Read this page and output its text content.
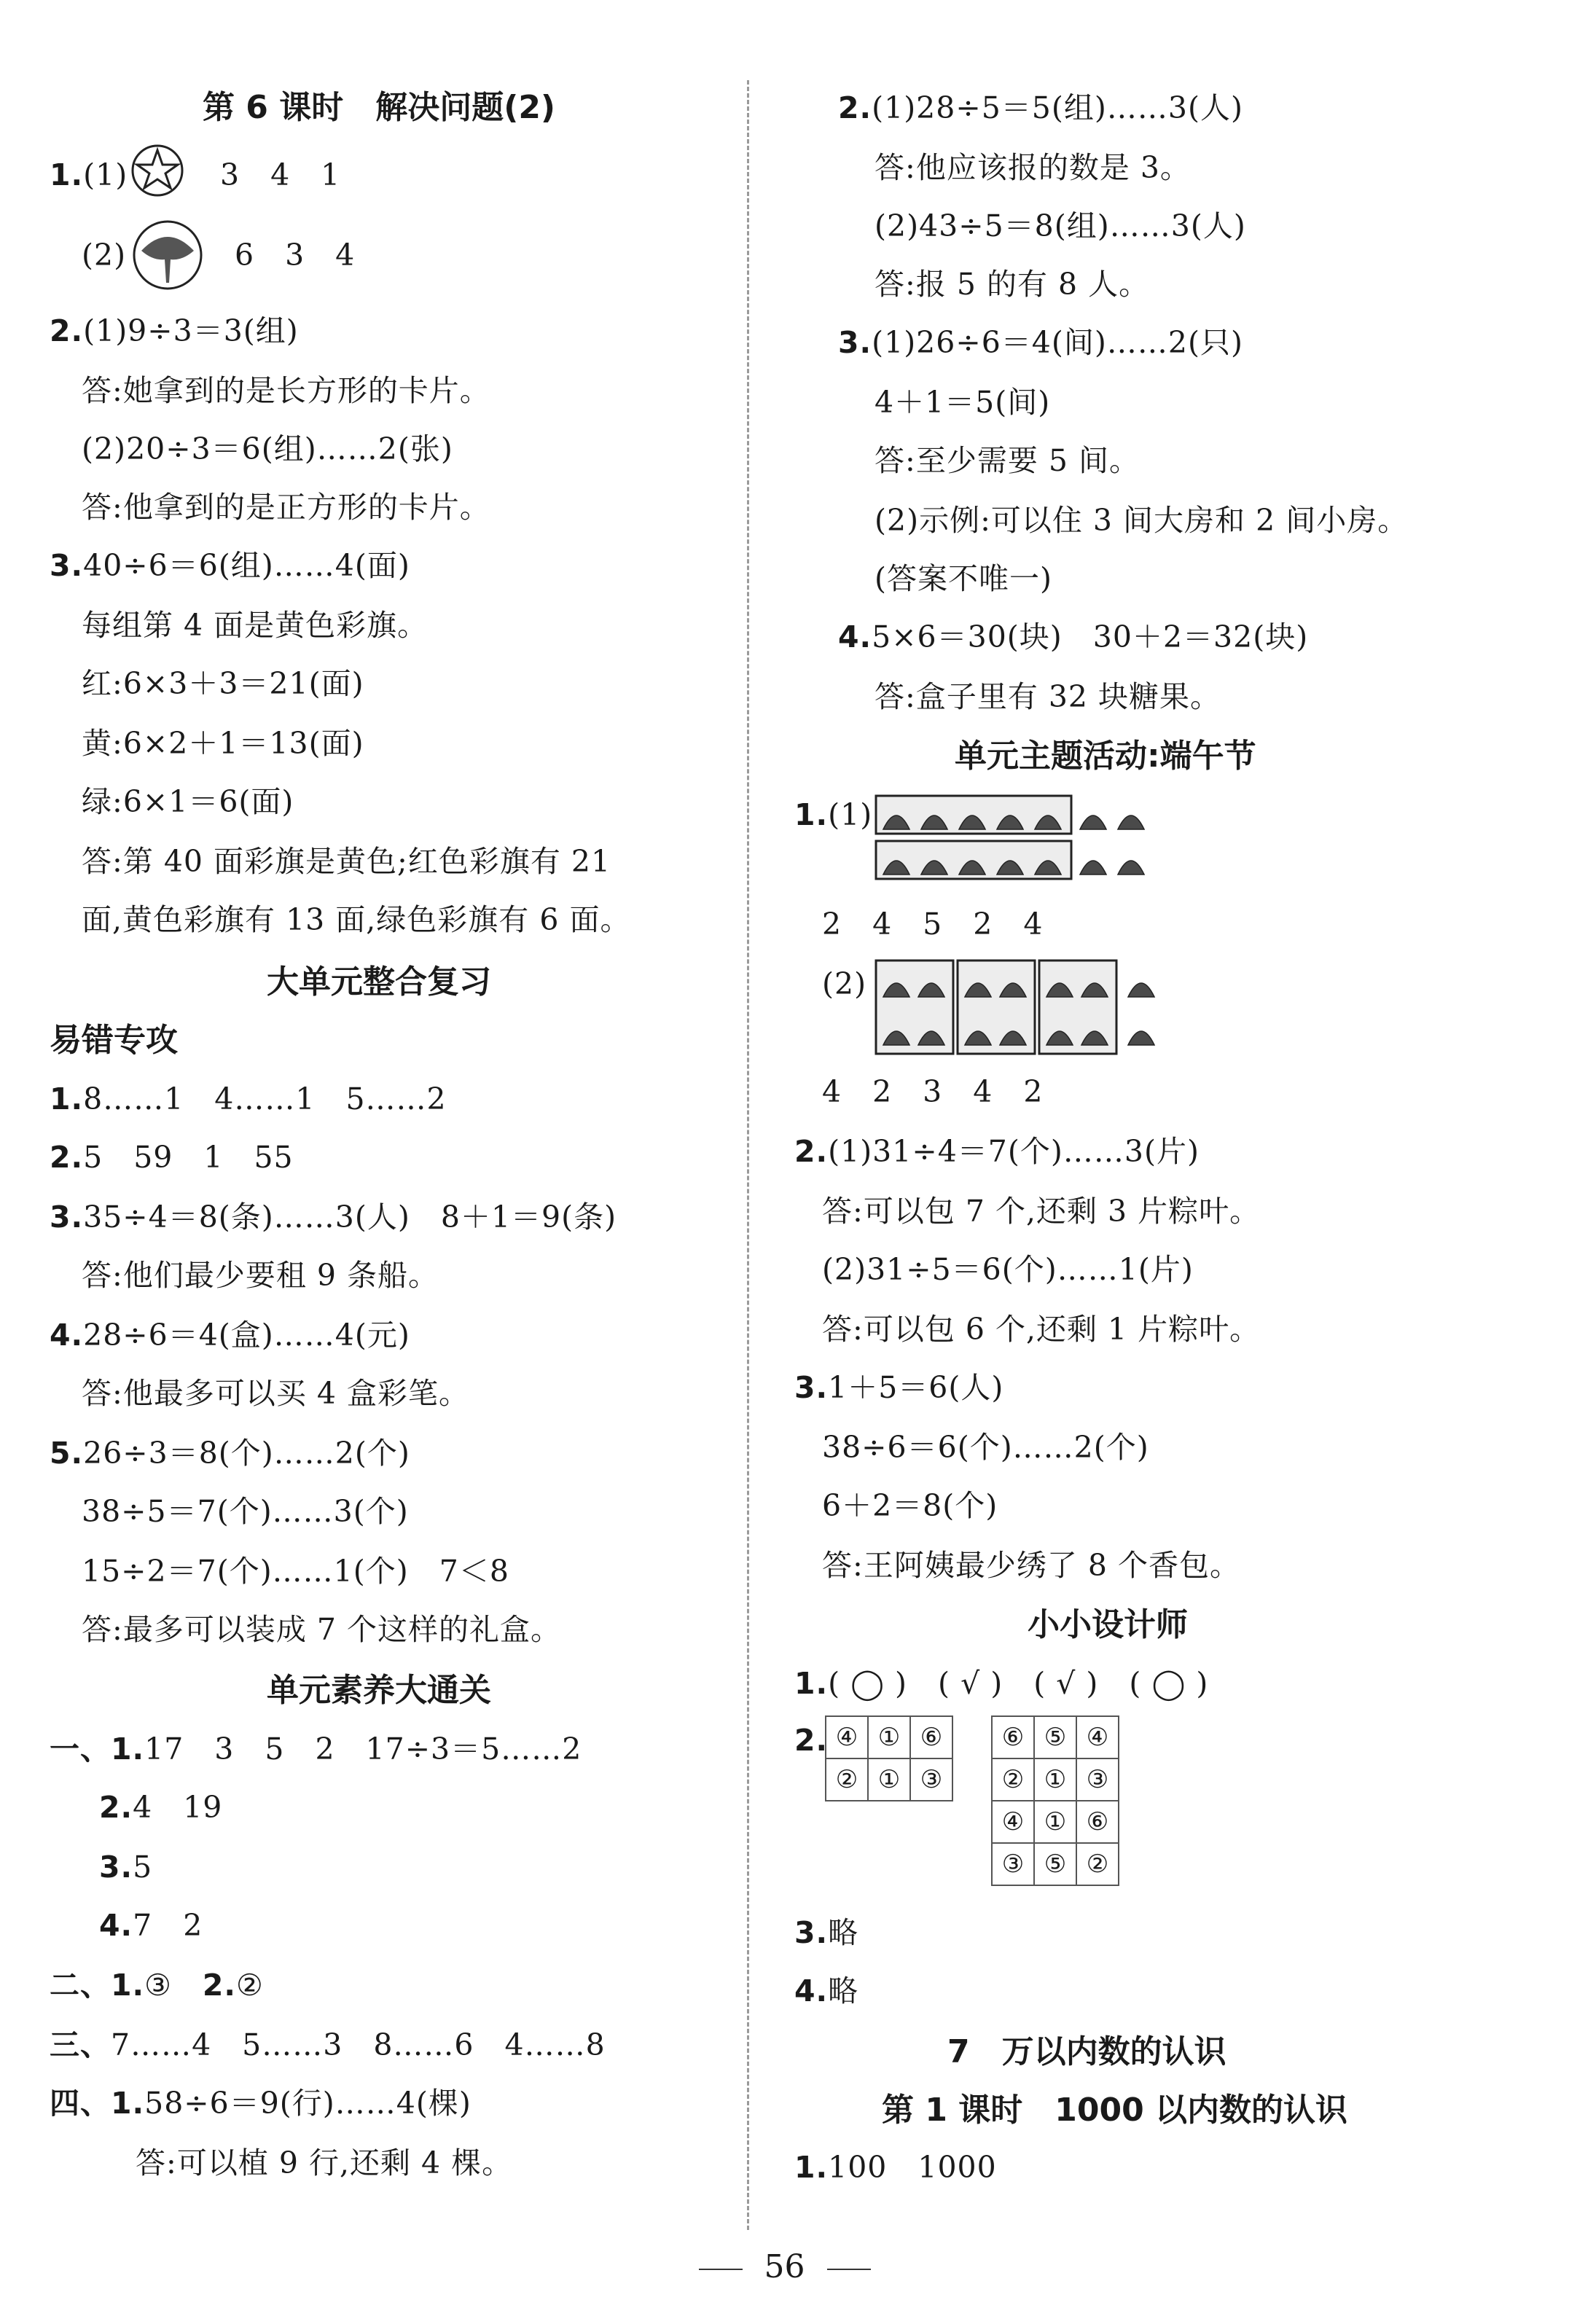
第 6 课时　解决问题(2)
1.(1)	3　4　1
(2)	6　3　4
2.(1)9÷3＝3(组)
答:她拿到的是长方形的卡片。
(2)20÷3＝6(组)……2(张)
答:他拿到的是正方形的卡片。
3.40÷6＝6(组)……4(面)
每组第 4 面是黄色彩旗。
红:6×3＋3＝21(面)
黄:6×2＋1＝13(面)
绿:6×1＝6(面)
答:第 40 面彩旗是黄色;红色彩旗有 21
面,黄色彩旗有 13 面,绿色彩旗有 6 面。
大单元整合复习
易错专攻
1.8……1　4……1　5……2
2.5　59　1　55
3.35÷4＝8(条)……3(人)　8＋1＝9(条)
答:他们最少要租 9 条船。
4.28÷6＝4(盒)……4(元)
答:他最多可以买 4 盒彩笔。
5.26÷3＝8(个)……2(个)
38÷5＝7(个)……3(个)
15÷2＝7(个)……1(个)　7＜8
答:最多可以装成 7 个这样的礼盒。
单元素养大通关
一、1.17　3　5　2　17÷3＝5……2
2.4　19
3.5
4.7　2
二、1.③　2.②
三、7……4　5……3　8……6　4……8
四、1.58÷6＝9(行)……4(棵)
答:可以植 9 行,还剩 4 棵。
2.(1)28÷5＝5(组)……3(人)
答:他应该报的数是 3。
(2)43÷5＝8(组)……3(人)
答:报 5 的有 8 人。
3.(1)26÷6＝4(间)……2(只)
4＋1＝5(间)
答:至少需要 5 间。
(2)示例:可以住 3 间大房和 2 间小房。
(答案不唯一)
4.5×6＝30(块)　30＋2＝32(块)
答:盒子里有 32 块糖果。
单元主题活动:端午节
1.(1)
2　4　5　2　4
(2)
4　2　3　4　2
2.(1)31÷4＝7(个)……3(片)
答:可以包 7 个,还剩 3 片粽叶。
(2)31÷5＝6(个)……1(片)
答:可以包 6 个,还剩 1 片粽叶。
3.1＋5＝6(人)
38÷6＝6(个)……2(个)
6＋2＝8(个)
答:王阿姨最少绣了 8 个香包。
小小设计师
1.( ◯ )　( √ )　( √ )　( ◯ )
2. ④	①	⑥
②	①	③
⑥	⑤	④
②	①	③
④	①	⑥
③	⑤	②
3.略
4.略
7　万以内数的认识
第 1 课时　1000 以内数的认识
1.100　1000
56
